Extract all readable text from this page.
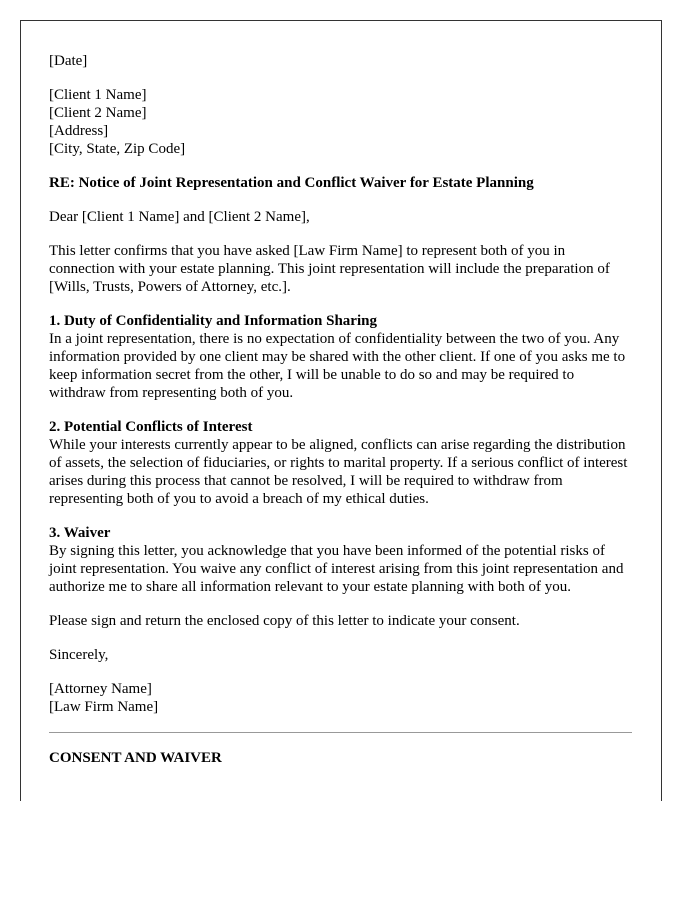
[Date]

[Client 1 Name]
[Client 2 Name]
[Address]
[City, State, Zip Code]

RE: Notice of Joint Representation and Conflict Waiver for Estate Planning

Dear [Client 1 Name] and [Client 2 Name],

This letter confirms that you have asked [Law Firm Name] to represent both of you in connection with your estate planning. This joint representation will include the preparation of [Wills, Trusts, Powers of Attorney, etc.].

1. Duty of Confidentiality and Information Sharing
In a joint representation, there is no expectation of confidentiality between the two of you. Any information provided by one client may be shared with the other client. If one of you asks me to keep information secret from the other, I will be unable to do so and may be required to withdraw from representing both of you.

2. Potential Conflicts of Interest
While your interests currently appear to be aligned, conflicts can arise regarding the distribution of assets, the selection of fiduciaries, or rights to marital property. If a serious conflict of interest arises during this process that cannot be resolved, I will be required to withdraw from representing both of you to avoid a breach of my ethical duties.

3. Waiver
By signing this letter, you acknowledge that you have been informed of the potential risks of joint representation. You waive any conflict of interest arising from this joint representation and authorize me to share all information relevant to your estate planning with both of you.

Please sign and return the enclosed copy of this letter to indicate your consent.

Sincerely,

[Attorney Name]
[Law Firm Name]

CONSENT AND WAIVER
